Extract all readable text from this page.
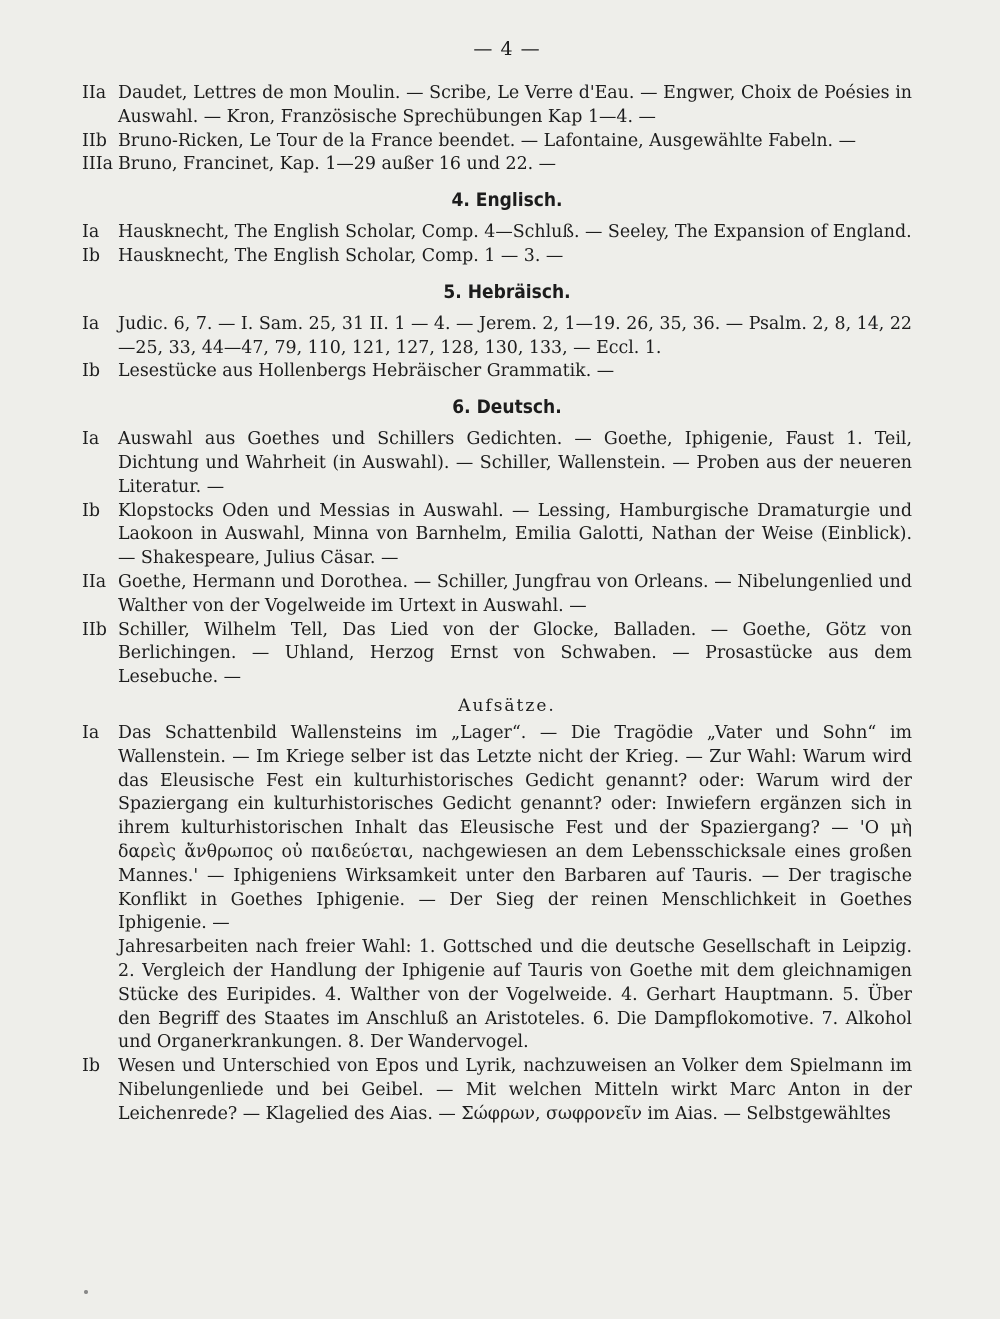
— 4 —
IIa Daudet, Lettres de mon Moulin. — Scribe, Le Verre d'Eau. — Engwer, Choix de Poésies in Auswahl. — Kron, Französische Sprechübungen Kap 1—4. —
IIb Bruno-Ricken, Le Tour de la France beendet. — Lafontaine, Ausgewählte Fabeln. —
IIIa Bruno, Francinet, Kap. 1—29 außer 16 und 22. —
4. Englisch.
Ia	Hausknecht, The English Scholar, Comp. 4—Schluß. — Seeley, The Expansion of England.
Ib	Hausknecht, The English Scholar, Comp. 1 — 3. —
5. Hebräisch.
Ia	Judic. 6, 7. — I. Sam. 25, 31 II. 1 — 4. — Jerem. 2, 1—19. 26, 35, 36. — Psalm. 2, 8, 14, 22—25, 33, 44—47, 79, 110, 121, 127, 128, 130, 133, — Eccl. 1.
Ib	Lesestücke aus Hollenbergs Hebräischer Grammatik. —
6. Deutsch.
Ia	Auswahl aus Goethes und Schillers Gedichten. — Goethe, Iphigenie, Faust 1. Teil, Dichtung und Wahrheit (in Auswahl). — Schiller, Wallenstein. — Proben aus der neueren Literatur. —
Ib	Klopstocks Oden und Messias in Auswahl. — Lessing, Hamburgische Dramaturgie und Laokoon in Auswahl, Minna von Barnhelm, Emilia Galotti, Nathan der Weise (Einblick). — Shakespeare, Julius Cäsar. —
IIa Goethe, Hermann und Dorothea. — Schiller, Jungfrau von Orleans. — Nibelungenlied und Walther von der Vogelweide im Urtext in Auswahl. —
IIb Schiller, Wilhelm Tell, Das Lied von der Glocke, Balladen. — Goethe, Götz von Berlichingen. — Uhland, Herzog Ernst von Schwaben. — Prosastücke aus dem Lesebuche. —
Aufsätze.
Ia	Das Schattenbild Wallensteins im „Lager“. — Die Tragödie „Vater und Sohn“ im Wallenstein. — Im Kriege selber ist das Letzte nicht der Krieg. — Zur Wahl: Warum wird das Eleusische Fest ein kulturhistorisches Gedicht genannt? oder: Warum wird der Spaziergang ein kulturhistorisches Gedicht genannt? oder: Inwiefern ergänzen sich in ihrem kulturhistorischen Inhalt das Eleusische Fest und der Spaziergang? — 'O μὴ δαρεὶς ἄνθρωπος οὐ παιδεύεται, nachgewiesen an dem Lebensschicksale eines großen Mannes.' — Iphigeniens Wirksamkeit unter den Barbaren auf Tauris. — Der tragische Konflikt in Goethes Iphigenie. — Der Sieg der reinen Menschlichkeit in Goethes Iphigenie. —
Jahresarbeiten nach freier Wahl: 1. Gottsched und die deutsche Gesellschaft in Leipzig. 2. Vergleich der Handlung der Iphigenie auf Tauris von Goethe mit dem gleichnamigen Stücke des Euripides. 4. Walther von der Vogelweide. 4. Gerhart Hauptmann. 5. Über den Begriff des Staates im Anschluß an Aristoteles. 6. Die Dampflokomotive. 7. Alkohol und Organerkrankungen. 8. Der Wandervogel.
Ib	Wesen und Unterschied von Epos und Lyrik, nachzuweisen an Volker dem Spielmann im Nibelungenliede und bei Geibel. — Mit welchen Mitteln wirkt Marc Anton in der Leichenrede? — Klagelied des Aias. — Σώφρων, σωφρονεῖν im Aias. — Selbstgewähltes
